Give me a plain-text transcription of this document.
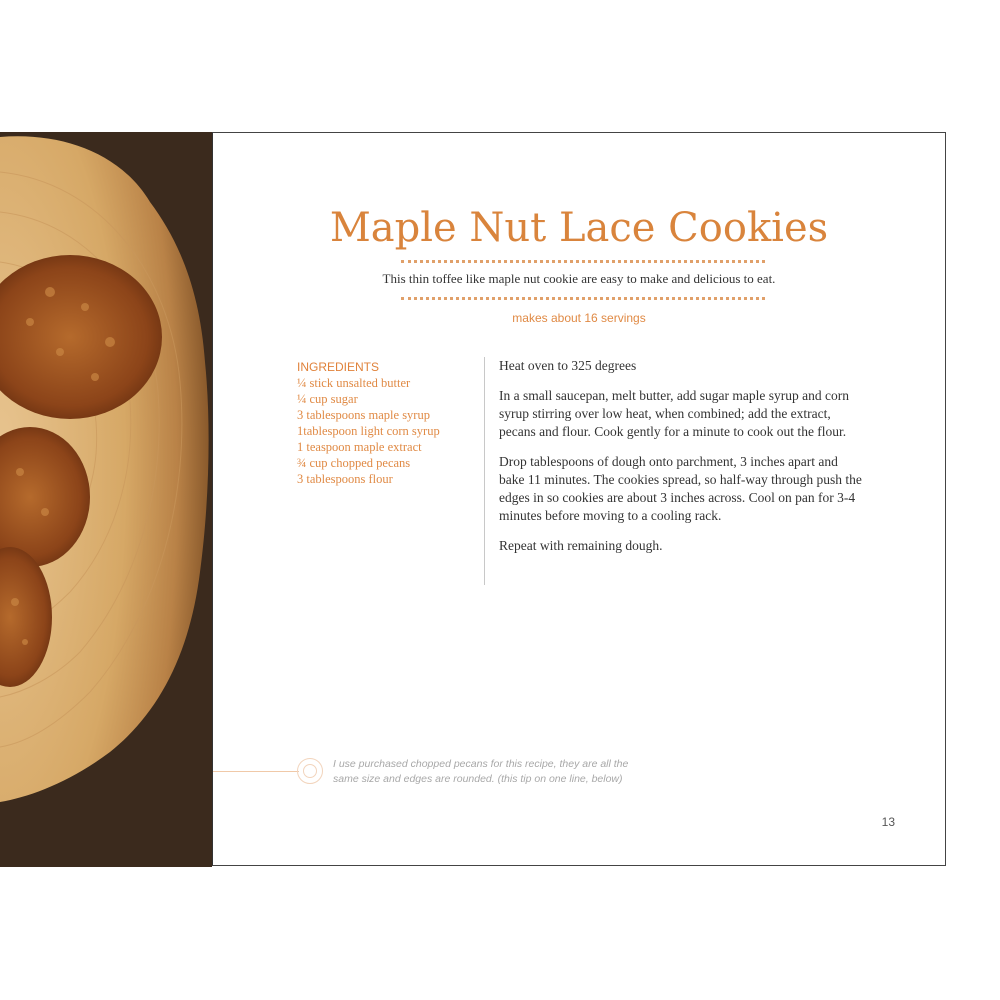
Maple Nut Lace Cookies
This thin toffee like maple nut cookie are easy to make and delicious to eat.
makes about 16 servings
INGREDIENTS
¼ stick unsalted butter
¼ cup sugar
3 tablespoons maple syrup
1tablespoon light corn syrup
1 teaspoon maple extract
¾ cup chopped pecans
3 tablespoons flour

Heat oven to 325 degrees

In a small saucepan, melt butter, add sugar maple syrup and corn syrup stirring over low heat, when combined; add the extract, pecans and flour. Cook gently for a minute to cook out the flour.

Drop tablespoons of dough onto parchment, 3 inches apart and bake 11 minutes. The cookies spread, so half-way through push the edges in so cookies are about 3 inches across. Cool on pan for 3-4 minutes before moving to a cooling rack.

Repeat with remaining dough.

I use purchased chopped pecans for this recipe, they are all the same size and edges are rounded. (this tip on one line, below)
13
